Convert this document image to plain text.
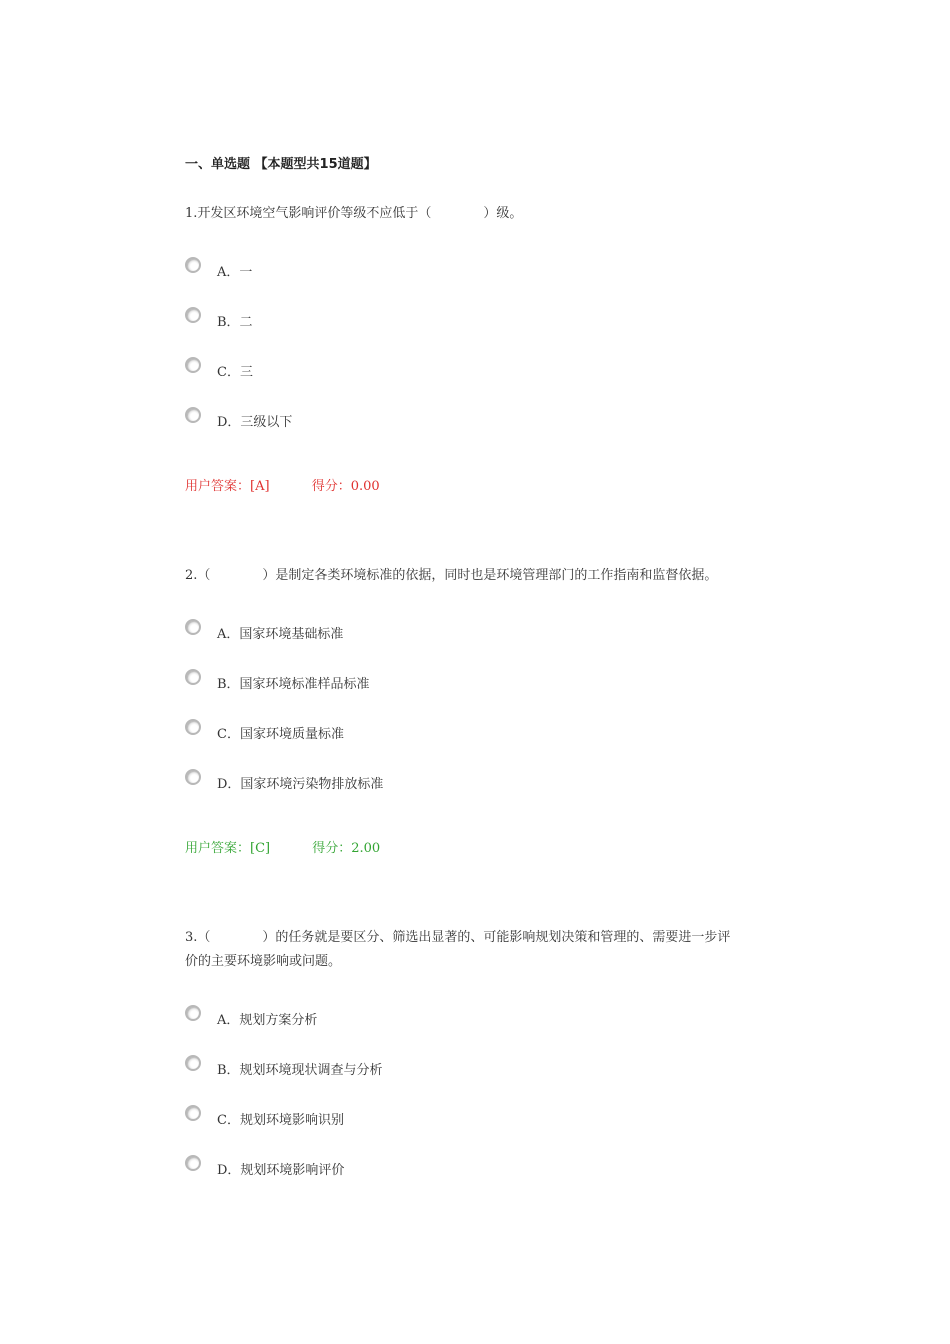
一、单选题 【本题型共15道题】
1.开发区环境空气影响评价等级不应低于（　　　　）级。
A．一
B．二
C．三
D．三级以下
用户答案：[A]	得分：0.00
2.（　　　　）是制定各类环境标准的依据，同时也是环境管理部门的工作指南和监督依据。
A．国家环境基础标准
B．国家环境标准样品标准
C．国家环境质量标准
D．国家环境污染物排放标准
用户答案：[C]	得分：2.00
3.（　　　　）的任务就是要区分、筛选出显著的、可能影响规划决策和管理的、需要进一步评
价的主要环境影响或问题。
A．规划方案分析
B．规划环境现状调查与分析
C．规划环境影响识别
D．规划环境影响评价
